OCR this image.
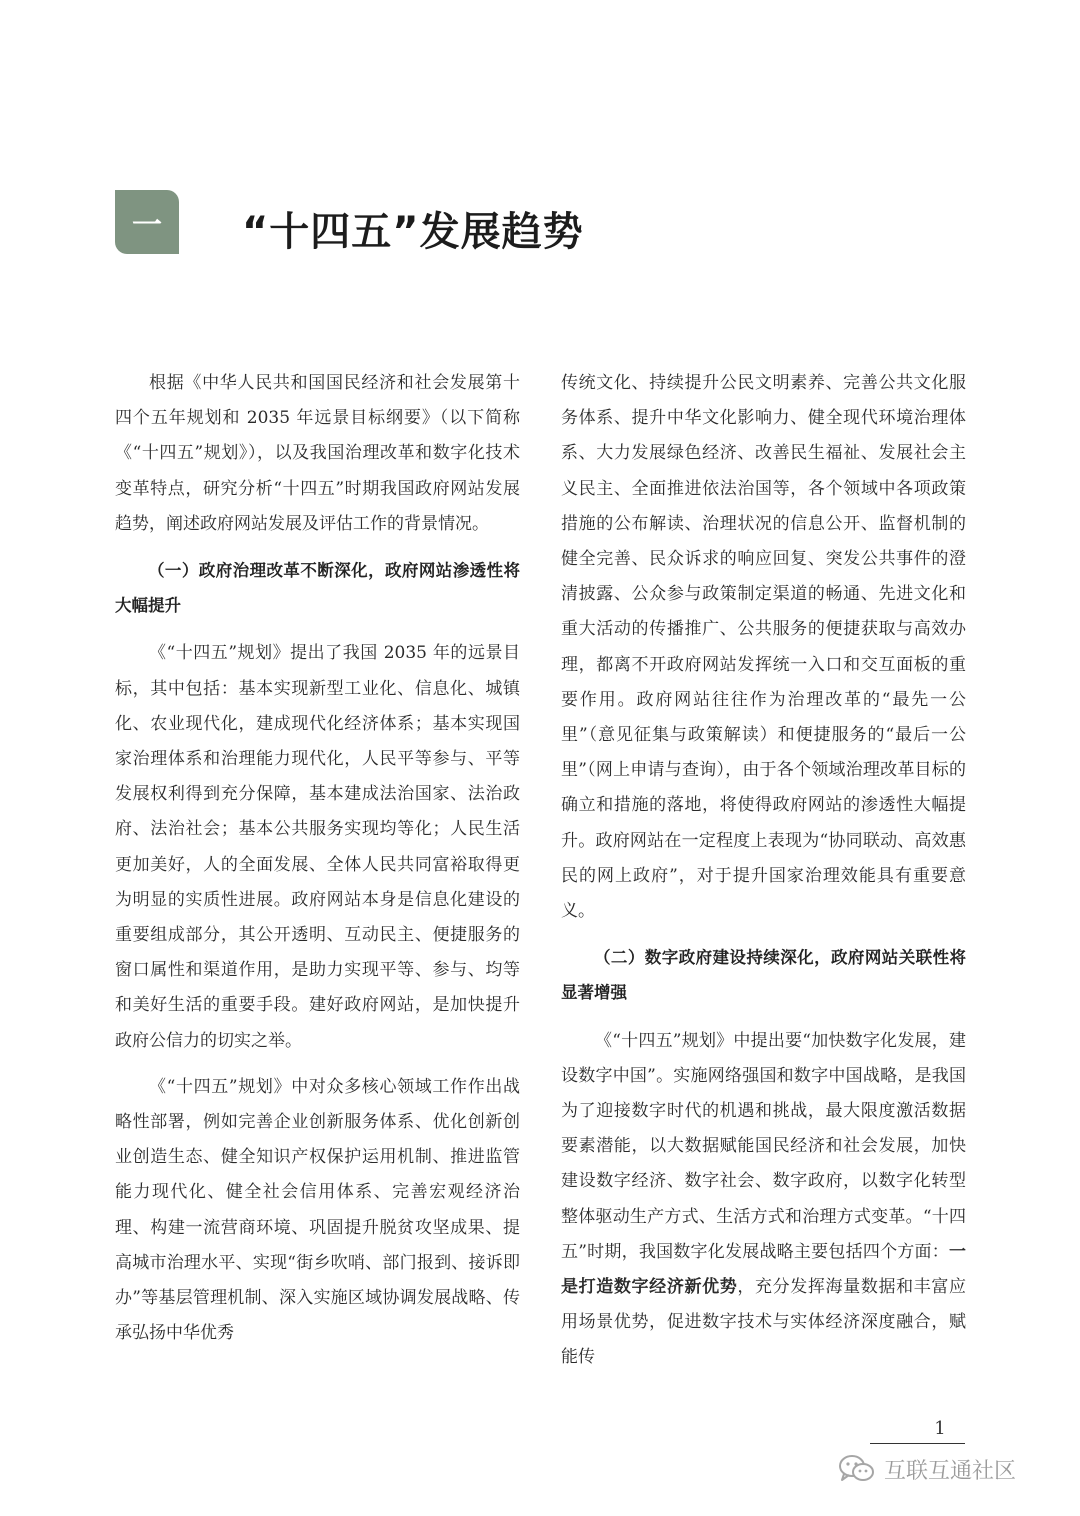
一	“十四五”发展趋势

根据《中华人民共和国国民经济和社会发展第十四个五年规划和 2035 年远景目标纲要》（以下简称《“十四五”规划》），以及我国治理改革和数字化技术变革特点，研究分析“十四五”时期我国政府网站发展趋势，阐述政府网站发展及评估工作的背景情况。

（一）政府治理改革不断深化，政府网站渗透性将大幅提升

《“十四五”规划》提出了我国 2035 年的远景目标，其中包括：基本实现新型工业化、信息化、城镇化、农业现代化，建成现代化经济体系；基本实现国家治理体系和治理能力现代化，人民平等参与、平等发展权利得到充分保障，基本建成法治国家、法治政府、法治社会；基本公共服务实现均等化；人民生活更加美好，人的全面发展、全体人民共同富裕取得更为明显的实质性进展。政府网站本身是信息化建设的重要组成部分，其公开透明、互动民主、便捷服务的窗口属性和渠道作用，是助力实现平等、参与、均等和美好生活的重要手段。建好政府网站，是加快提升政府公信力的切实之举。

《“十四五”规划》中对众多核心领域工作作出战略性部署，例如完善企业创新服务体系、优化创新创业创造生态、健全知识产权保护运用机制、推进监管能力现代化、健全社会信用体系、完善宏观经济治理、构建一流营商环境、巩固提升脱贫攻坚成果、提高城市治理水平、实现“街乡吹哨、部门报到、接诉即办”等基层管理机制、深入实施区域协调发展战略、传承弘扬中华优秀

传统文化、持续提升公民文明素养、完善公共文化服务体系、提升中华文化影响力、健全现代环境治理体系、大力发展绿色经济、改善民生福祉、发展社会主义民主、全面推进依法治国等，各个领域中各项政策措施的公布解读、治理状况的信息公开、监督机制的健全完善、民众诉求的响应回复、突发公共事件的澄清披露、公众参与政策制定渠道的畅通、先进文化和重大活动的传播推广、公共服务的便捷获取与高效办理，都离不开政府网站发挥统一入口和交互面板的重要作用。政府网站往往作为治理改革的“最先一公里”（意见征集与政策解读）和便捷服务的“最后一公里”（网上申请与查询），由于各个领域治理改革目标的确立和措施的落地，将使得政府网站的渗透性大幅提升。政府网站在一定程度上表现为“协同联动、高效惠民的网上政府”，对于提升国家治理效能具有重要意义。

（二）数字政府建设持续深化，政府网站关联性将显著增强

《“十四五”规划》中提出要“加快数字化发展，建设数字中国”。实施网络强国和数字中国战略，是我国为了迎接数字时代的机遇和挑战，最大限度激活数据要素潜能，以大数据赋能国民经济和社会发展，加快建设数字经济、数字社会、数字政府，以数字化转型整体驱动生产方式、生活方式和治理方式变革。“十四五”时期，我国数字化发展战略主要包括四个方面：一是打造数字经济新优势，充分发挥海量数据和丰富应用场景优势，促进数字技术与实体经济深度融合，赋能传

1
互联互通社区
